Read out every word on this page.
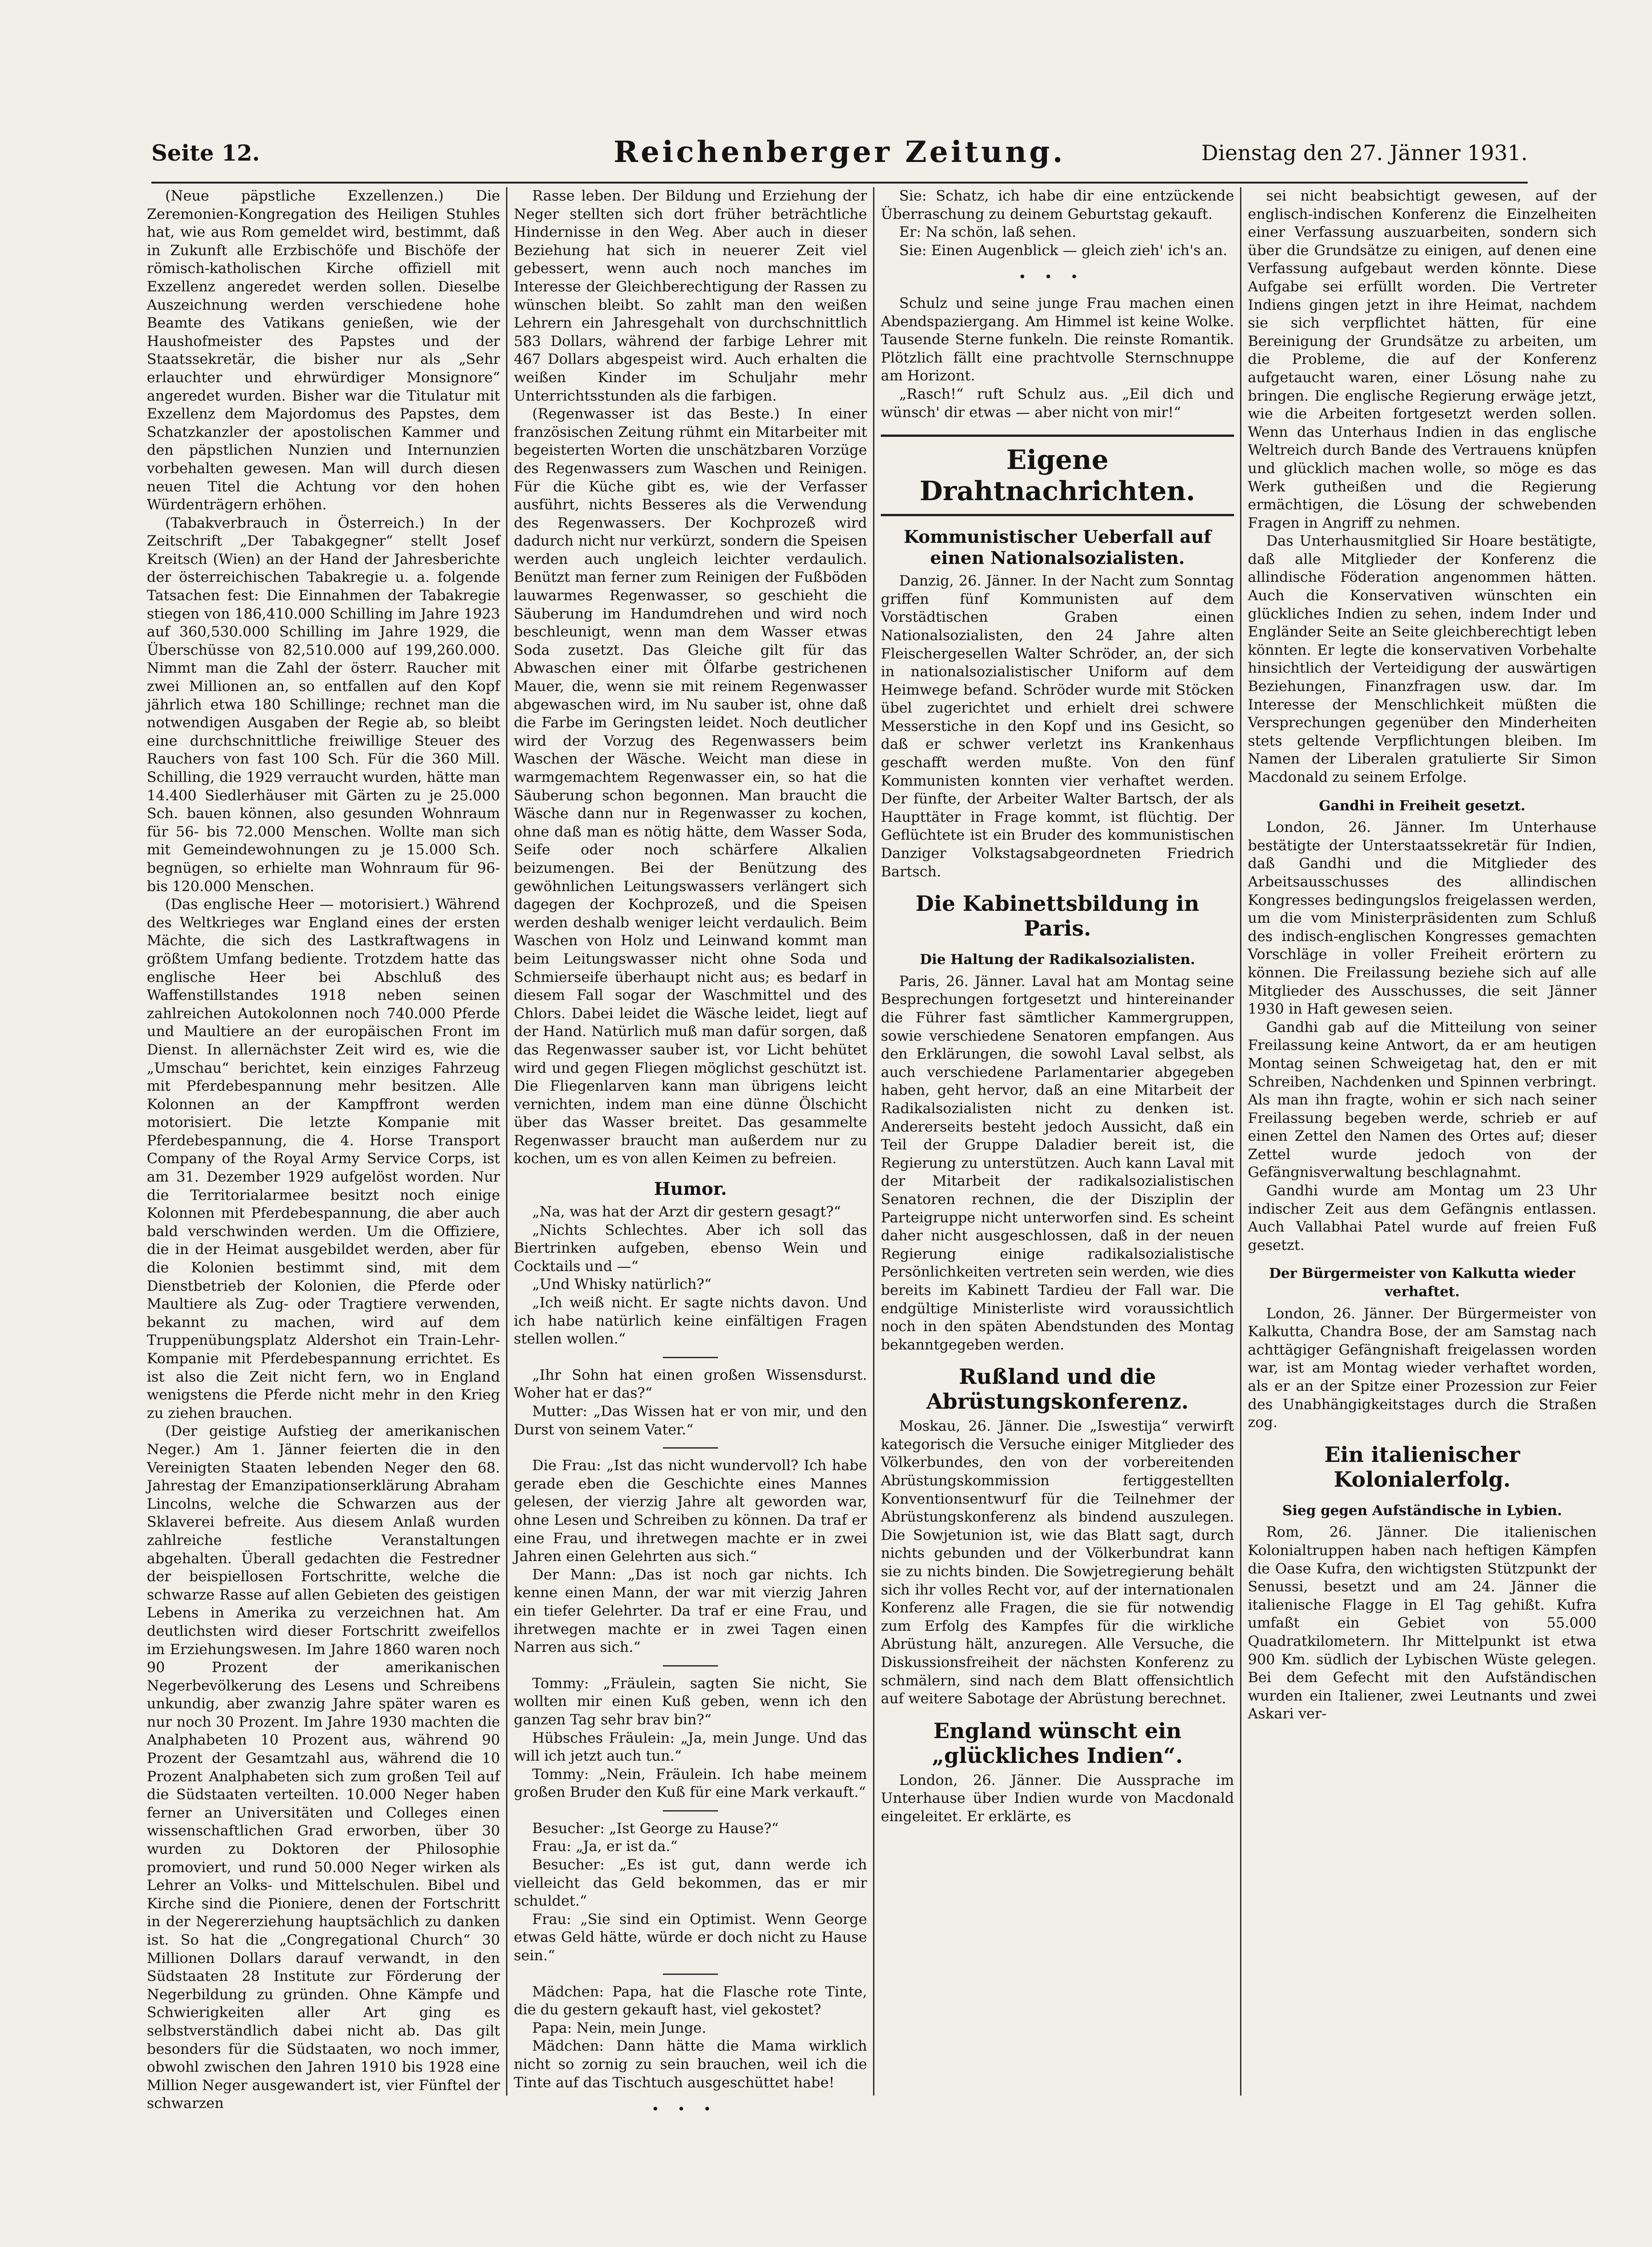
Seite 12.	Reichenberger Zeitung.	Dienstag den 27. Jänner 1931.

(Neue päpstliche Exzellenzen.) Die Zeremonien-Kongregation des Heiligen Stuhles hat, wie aus Rom gemeldet wird, bestimmt, daß in Zukunft alle Erzbischöfe und Bischöfe der römisch-katholischen Kirche offiziell mit Exzellenz angeredet werden sollen. Dieselbe Auszeichnung werden verschiedene hohe Beamte des Vatikans genießen, wie der Haushofmeister des Papstes und der Staatssekretär, die bisher nur als „Sehr erlauchter und ehrwürdiger Monsignore“ angeredet wurden. Bisher war die Titulatur mit Exzellenz dem Majordomus des Papstes, dem Schatzkanzler der apostolischen Kammer und den päpstlichen Nunzien und Internunzien vorbehalten gewesen. Man will durch diesen neuen Titel die Achtung vor den hohen Würdenträgern erhöhen.

(Tabakverbrauch in Österreich.) In der Zeitschrift „Der Tabakgegner“ stellt Josef Kreitsch (Wien) an der Hand der Jahresberichte der österreichischen Tabakregie u. a. folgende Tatsachen fest: Die Einnahmen der Tabakregie stiegen von 186,410.000 Schilling im Jahre 1923 auf 360,530.000 Schilling im Jahre 1929, die Überschüsse von 82,510.000 auf 199,260.000. Nimmt man die Zahl der österr. Raucher mit zwei Millionen an, so entfallen auf den Kopf jährlich etwa 180 Schillinge; rechnet man die notwendigen Ausgaben der Regie ab, so bleibt eine durchschnittliche freiwillige Steuer des Rauchers von fast 100 Sch. Für die 360 Mill. Schilling, die 1929 verraucht wurden, hätte man 14.400 Siedlerhäuser mit Gärten zu je 25.000 Sch. bauen können, also gesunden Wohnraum für 56- bis 72.000 Menschen. Wollte man sich mit Gemeindewohnungen zu je 15.000 Sch. begnügen, so erhielte man Wohnraum für 96- bis 120.000 Menschen.

(Das englische Heer — motorisiert.) Während des Weltkrieges war England eines der ersten Mächte, die sich des Lastkraftwagens in größtem Umfang bediente. Trotzdem hatte das englische Heer bei Abschluß des Waffenstillstandes 1918 neben seinen zahlreichen Autokolonnen noch 740.000 Pferde und Maultiere an der europäischen Front im Dienst. In allernächster Zeit wird es, wie die „Umschau“ berichtet, kein einziges Fahrzeug mit Pferdebespannung mehr besitzen. Alle Kolonnen an der Kampffront werden motorisiert. Die letzte Kompanie mit Pferdebespannung, die 4. Horse Transport Company of the Royal Army Service Corps, ist am 31. Dezember 1929 aufgelöst worden. Nur die Territorialarmee besitzt noch einige Kolonnen mit Pferdebespannung, die aber auch bald verschwinden werden. Um die Offiziere, die in der Heimat ausgebildet werden, aber für die Kolonien bestimmt sind, mit dem Dienstbetrieb der Kolonien, die Pferde oder Maultiere als Zug- oder Tragtiere verwenden, bekannt zu machen, wird auf dem Truppenübungsplatz Aldershot ein Train-Lehr-Kompanie mit Pferdebespannung errichtet. Es ist also die Zeit nicht fern, wo in England wenigstens die Pferde nicht mehr in den Krieg zu ziehen brauchen.

(Der geistige Aufstieg der amerikanischen Neger.) Am 1. Jänner feierten die in den Vereinigten Staaten lebenden Neger den 68. Jahrestag der Emanzipationserklärung Abraham Lincolns, welche die Schwarzen aus der Sklaverei befreite. Aus diesem Anlaß wurden zahlreiche festliche Veranstaltungen abgehalten. Überall gedachten die Festredner der beispiellosen Fortschritte, welche die schwarze Rasse auf allen Gebieten des geistigen Lebens in Amerika zu verzeichnen hat. Am deutlichsten wird dieser Fortschritt zweifellos im Erziehungswesen. Im Jahre 1860 waren noch 90 Prozent der amerikanischen Negerbevölkerung des Lesens und Schreibens unkundig, aber zwanzig Jahre später waren es nur noch 30 Prozent. Im Jahre 1930 machten die Analphabeten 10 Prozent aus, während 90 Prozent der Gesamtzahl aus, während die 10 Prozent Analphabeten sich zum großen Teil auf die Südstaaten verteilten. 10.000 Neger haben ferner an Universitäten und Colleges einen wissenschaftlichen Grad erworben, über 30 wurden zu Doktoren der Philosophie promoviert, und rund 50.000 Neger wirken als Lehrer an Volks- und Mittelschulen. Bibel und Kirche sind die Pioniere, denen der Fortschritt in der Negererziehung hauptsächlich zu danken ist. So hat die „Congregational Church“ 30 Millionen Dollars darauf verwandt, in den Südstaaten 28 Institute zur Förderung der Negerbildung zu gründen. Ohne Kämpfe und Schwierigkeiten aller Art ging es selbstverständlich dabei nicht ab. Das gilt besonders für die Südstaaten, wo noch immer, obwohl zwischen den Jahren 1910 bis 1928 eine Million Neger ausgewandert ist, vier Fünftel der schwarzen

Rasse leben. Der Bildung und Erziehung der Neger stellten sich dort früher beträchtliche Hindernisse in den Weg. Aber auch in dieser Beziehung hat sich in neuerer Zeit viel gebessert, wenn auch noch manches im Interesse der Gleichberechtigung der Rassen zu wünschen bleibt. So zahlt man den weißen Lehrern ein Jahresgehalt von durchschnittlich 583 Dollars, während der farbige Lehrer mit 467 Dollars abgespeist wird. Auch erhalten die weißen Kinder im Schuljahr mehr Unterrichtsstunden als die farbigen.

(Regenwasser ist das Beste.) In einer französischen Zeitung rühmt ein Mitarbeiter mit begeisterten Worten die unschätzbaren Vorzüge des Regenwassers zum Waschen und Reinigen. Für die Küche gibt es, wie der Verfasser ausführt, nichts Besseres als die Verwendung des Regenwassers. Der Kochprozeß wird dadurch nicht nur verkürzt, sondern die Speisen werden auch ungleich leichter verdaulich. Benützt man ferner zum Reinigen der Fußböden lauwarmes Regenwasser, so geschieht die Säuberung im Handumdrehen und wird noch beschleunigt, wenn man dem Wasser etwas Soda zusetzt. Das Gleiche gilt für das Abwaschen einer mit Ölfarbe gestrichenen Mauer, die, wenn sie mit reinem Regenwasser abgewaschen wird, im Nu sauber ist, ohne daß die Farbe im Geringsten leidet. Noch deutlicher wird der Vorzug des Regenwassers beim Waschen der Wäsche. Weicht man diese in warmgemachtem Regenwasser ein, so hat die Säuberung schon begonnen. Man braucht die Wäsche dann nur in Regenwasser zu kochen, ohne daß man es nötig hätte, dem Wasser Soda, Seife oder noch schärfere Alkalien beizumengen. Bei der Benützung des gewöhnlichen Leitungswassers verlängert sich dagegen der Kochprozeß, und die Speisen werden deshalb weniger leicht verdaulich. Beim Waschen von Holz und Leinwand kommt man beim Leitungswasser nicht ohne Soda und Schmierseife überhaupt nicht aus; es bedarf in diesem Fall sogar der Waschmittel und des Chlors. Dabei leidet die Wäsche leidet, liegt auf der Hand. Natürlich muß man dafür sorgen, daß das Regenwasser sauber ist, vor Licht behütet wird und gegen Fliegen möglichst geschützt ist. Die Fliegenlarven kann man übrigens leicht vernichten, indem man eine dünne Ölschicht über das Wasser breitet. Das gesammelte Regenwasser braucht man außerdem nur zu kochen, um es von allen Keimen zu befreien.

Humor.

„Na, was hat der Arzt dir gestern gesagt?“

„Nichts Schlechtes. Aber ich soll das Biertrinken aufgeben, ebenso Wein und Cocktails und —“

„Und Whisky natürlich?“

„Ich weiß nicht. Er sagte nichts davon. Und ich habe natürlich keine einfältigen Fragen stellen wollen.“

„Ihr Sohn hat einen großen Wissensdurst. Woher hat er das?“

Mutter: „Das Wissen hat er von mir, und den Durst von seinem Vater.“

Die Frau: „Ist das nicht wundervoll? Ich habe gerade eben die Geschichte eines Mannes gelesen, der vierzig Jahre alt geworden war, ohne Lesen und Schreiben zu können. Da traf er eine Frau, und ihretwegen machte er in zwei Jahren einen Gelehrten aus sich.“

Der Mann: „Das ist noch gar nichts. Ich kenne einen Mann, der war mit vierzig Jahren ein tiefer Gelehrter. Da traf er eine Frau, und ihretwegen machte er in zwei Tagen einen Narren aus sich.“

Tommy: „Fräulein, sagten Sie nicht, Sie wollten mir einen Kuß geben, wenn ich den ganzen Tag sehr brav bin?“

Hübsches Fräulein: „Ja, mein Junge. Und das will ich jetzt auch tun.“

Tommy: „Nein, Fräulein. Ich habe meinem großen Bruder den Kuß für eine Mark verkauft.“

Besucher: „Ist George zu Hause?“

Frau: „Ja, er ist da.“

Besucher: „Es ist gut, dann werde ich vielleicht das Geld bekommen, das er mir schuldet.“

Frau: „Sie sind ein Optimist. Wenn George etwas Geld hätte, würde er doch nicht zu Hause sein.“

Mädchen: Papa, hat die Flasche rote Tinte, die du gestern gekauft hast, viel gekostet?

Papa: Nein, mein Junge.

Mädchen: Dann hätte die Mama wirklich nicht so zornig zu sein brauchen, weil ich die Tinte auf das Tischtuch ausgeschüttet habe!

•••

Sie: Schatz, ich habe dir eine entzückende Überraschung zu deinem Geburtstag gekauft.

Er: Na schön, laß sehen.

Sie: Einen Augenblick — gleich zieh' ich's an.

•••

Schulz und seine junge Frau machen einen Abendspaziergang. Am Himmel ist keine Wolke. Tausende Sterne funkeln. Die reinste Romantik. Plötzlich fällt eine prachtvolle Sternschnuppe am Horizont.

„Rasch!“ ruft Schulz aus. „Eil dich und wünsch' dir etwas — aber nicht von mir!“

Eigene Drahtnachrichten.
Kommunistischer Ueberfall auf einen Nationalsozialisten.

Danzig, 26. Jänner. In der Nacht zum Sonntag griffen fünf Kommunisten auf dem Vorstädtischen Graben einen Nationalsozialisten, den 24 Jahre alten Fleischergesellen Walter Schröder, an, der sich in nationalsozialistischer Uniform auf dem Heimwege befand. Schröder wurde mit Stöcken übel zugerichtet und erhielt drei schwere Messerstiche in den Kopf und ins Gesicht, so daß er schwer verletzt ins Krankenhaus geschafft werden mußte. Von den fünf Kommunisten konnten vier verhaftet werden. Der fünfte, der Arbeiter Walter Bartsch, der als Haupttäter in Frage kommt, ist flüchtig. Der Geflüchtete ist ein Bruder des kommunistischen Danziger Volkstagsabgeordneten Friedrich Bartsch.

Die Kabinettsbildung in Paris.
Die Haltung der Radikalsozialisten.

Paris, 26. Jänner. Laval hat am Montag seine Besprechungen fortgesetzt und hintereinander die Führer fast sämtlicher Kammergruppen, sowie verschiedene Senatoren empfangen. Aus den Erklärungen, die sowohl Laval selbst, als auch verschiedene Parlamentarier abgegeben haben, geht hervor, daß an eine Mitarbeit der Radikalsozialisten nicht zu denken ist. Andererseits besteht jedoch Aussicht, daß ein Teil der Gruppe Daladier bereit ist, die Regierung zu unterstützen. Auch kann Laval mit der Mitarbeit der radikalsozialistischen Senatoren rechnen, die der Disziplin der Parteigruppe nicht unterworfen sind. Es scheint daher nicht ausgeschlossen, daß in der neuen Regierung einige radikalsozialistische Persönlichkeiten vertreten sein werden, wie dies bereits im Kabinett Tardieu der Fall war. Die endgültige Ministerliste wird voraussichtlich noch in den späten Abendstunden des Montag bekanntgegeben werden.

Rußland und die Abrüstungskonferenz.

Moskau, 26. Jänner. Die „Iswestija“ verwirft kategorisch die Versuche einiger Mitglieder des Völkerbundes, den von der vorbereitenden Abrüstungskommission fertiggestellten Konventionsentwurf für die Teilnehmer der Abrüstungskonferenz als bindend auszulegen. Die Sowjetunion ist, wie das Blatt sagt, durch nichts gebunden und der Völkerbundrat kann sie zu nichts binden. Die Sowjetregierung behält sich ihr volles Recht vor, auf der internationalen Konferenz alle Fragen, die sie für notwendig zum Erfolg des Kampfes für die wirkliche Abrüstung hält, anzuregen. Alle Versuche, die Diskussionsfreiheit der nächsten Konferenz zu schmälern, sind nach dem Blatt offensichtlich auf weitere Sabotage der Abrüstung berechnet.

England wünscht ein „glückliches Indien“.

London, 26. Jänner. Die Aussprache im Unterhause über Indien wurde von Macdonald eingeleitet. Er erklärte, es

sei nicht beabsichtigt gewesen, auf der englisch-indischen Konferenz die Einzelheiten einer Verfassung auszuarbeiten, sondern sich über die Grundsätze zu einigen, auf denen eine Verfassung aufgebaut werden könnte. Diese Aufgabe sei erfüllt worden. Die Vertreter Indiens gingen jetzt in ihre Heimat, nachdem sie sich verpflichtet hätten, für eine Bereinigung der Grundsätze zu arbeiten, um die Probleme, die auf der Konferenz aufgetaucht waren, einer Lösung nahe zu bringen. Die englische Regierung erwäge jetzt, wie die Arbeiten fortgesetzt werden sollen. Wenn das Unterhaus Indien in das englische Weltreich durch Bande des Vertrauens knüpfen und glücklich machen wolle, so möge es das Werk gutheißen und die Regierung ermächtigen, die Lösung der schwebenden Fragen in Angriff zu nehmen.

Das Unterhausmitglied Sir Hoare bestätigte, daß alle Mitglieder der Konferenz die allindische Föderation angenommen hätten. Auch die Konservativen wünschten ein glückliches Indien zu sehen, indem Inder und Engländer Seite an Seite gleichberechtigt leben könnten. Er legte die konservativen Vorbehalte hinsichtlich der Verteidigung der auswärtigen Beziehungen, Finanzfragen usw. dar. Im Interesse der Menschlichkeit müßten die Versprechungen gegenüber den Minderheiten stets geltende Verpflichtungen bleiben. Im Namen der Liberalen gratulierte Sir Simon Macdonald zu seinem Erfolge.

Gandhi in Freiheit gesetzt.

London, 26. Jänner. Im Unterhause bestätigte der Unterstaatssekretär für Indien, daß Gandhi und die Mitglieder des Arbeitsausschusses des allindischen Kongresses bedingungslos freigelassen werden, um die vom Ministerpräsidenten zum Schluß des indisch-englischen Kongresses gemachten Vorschläge in voller Freiheit erörtern zu können. Die Freilassung beziehe sich auf alle Mitglieder des Ausschusses, die seit Jänner 1930 in Haft gewesen seien.

Gandhi gab auf die Mitteilung von seiner Freilassung keine Antwort, da er am heutigen Montag seinen Schweigetag hat, den er mit Schreiben, Nachdenken und Spinnen verbringt. Als man ihn fragte, wohin er sich nach seiner Freilassung begeben werde, schrieb er auf einen Zettel den Namen des Ortes auf; dieser Zettel wurde jedoch von der Gefängnisverwaltung beschlagnahmt.

Gandhi wurde am Montag um 23 Uhr indischer Zeit aus dem Gefängnis entlassen. Auch Vallabhai Patel wurde auf freien Fuß gesetzt.

Der Bürgermeister von Kalkutta wieder verhaftet.

London, 26. Jänner. Der Bürgermeister von Kalkutta, Chandra Bose, der am Samstag nach achttägiger Gefängnishaft freigelassen worden war, ist am Montag wieder verhaftet worden, als er an der Spitze einer Prozession zur Feier des Unabhängigkeitstages durch die Straßen zog.

Ein italienischer Kolonialerfolg.
Sieg gegen Aufständische in Lybien.

Rom, 26. Jänner. Die italienischen Kolonialtruppen haben nach heftigen Kämpfen die Oase Kufra, den wichtigsten Stützpunkt der Senussi, besetzt und am 24. Jänner die italienische Flagge in El Tag gehißt. Kufra umfaßt ein Gebiet von 55.000 Quadratkilometern. Ihr Mittelpunkt ist etwa 900 Km. südlich der Lybischen Wüste gelegen. Bei dem Gefecht mit den Aufständischen wurden ein Italiener, zwei Leutnants und zwei Askari ver-
